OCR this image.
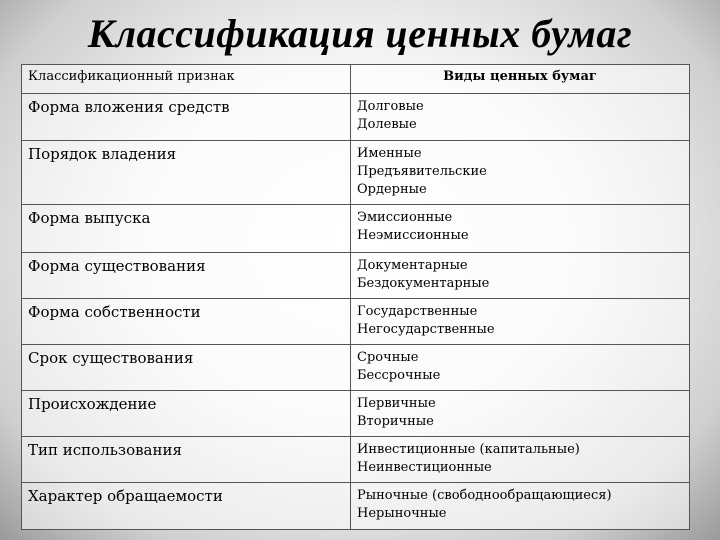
Классификация ценных бумаг
Классификационный признак	Виды ценных бумаг
Форма вложения средств	Долговые
Долевые

Порядок владения	Именные
Предъявительские
Ордерные

Форма выпуска	Эмиссионные
Неэмиссионные

Форма существования	Документарные
Бездокументарные

Форма собственности	Государственные
Негосударственные

Срок существования	Срочные
Бессрочные

Происхождение	Первичные
Вторичные

Тип использования	Инвестиционные (капитальные)
Неинвестиционные

Характер обращаемости	Рыночные (свободнообращающиеся)
Нерыночные
